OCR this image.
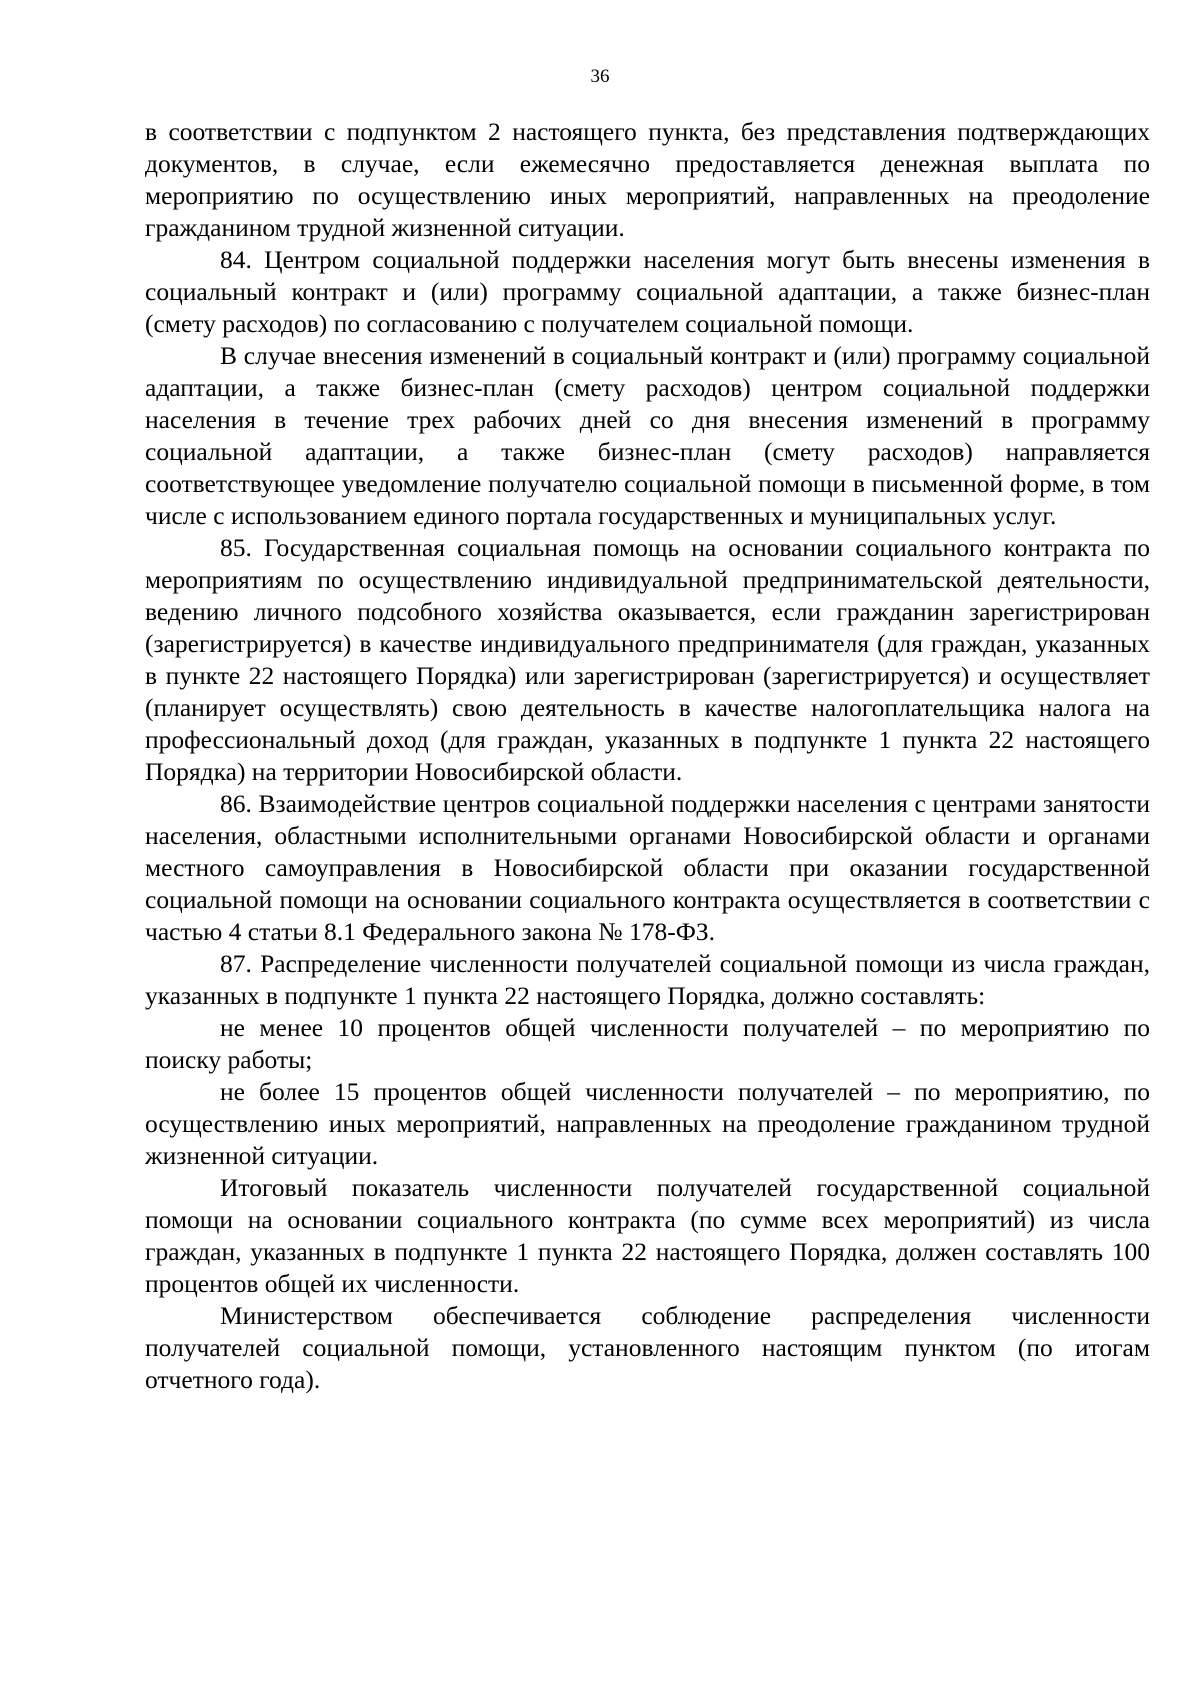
36

в соответствии с подпунктом 2 настоящего пункта, без представления подтверждающих документов, в случае, если ежемесячно предоставляется денежная выплата по мероприятию по осуществлению иных мероприятий, направленных на преодоление гражданином трудной жизненной ситуации.

84. Центром социальной поддержки населения могут быть внесены изменения в социальный контракт и (или) программу социальной адаптации, а также бизнес-план (смету расходов) по согласованию с получателем социальной помощи.

В случае внесения изменений в социальный контракт и (или) программу социальной адаптации, а также бизнес-план (смету расходов) центром социальной поддержки населения в течение трех рабочих дней со дня внесения изменений в программу социальной адаптации, а также бизнес-план (смету расходов) направляется соответствующее уведомление получателю социальной помощи в письменной форме, в том числе с использованием единого портала государственных и муниципальных услуг.

85. Государственная социальная помощь на основании социального контракта по мероприятиям по осуществлению индивидуальной предпринимательской деятельности, ведению личного подсобного хозяйства оказывается, если гражданин зарегистрирован (зарегистрируется) в качестве индивидуального предпринимателя (для граждан, указанных в пункте 22 настоящего Порядка) или зарегистрирован (зарегистрируется) и осуществляет (планирует осуществлять) свою деятельность в качестве налогоплательщика налога на профессиональный доход (для граждан, указанных в подпункте 1 пункта 22 настоящего Порядка) на территории Новосибирской области.

86. Взаимодействие центров социальной поддержки населения с центрами занятости населения, областными исполнительными органами Новосибирской области и органами местного самоуправления в Новосибирской области при оказании государственной социальной помощи на основании социального контракта осуществляется в соответствии с частью 4 статьи 8.1 Федерального закона № 178-ФЗ.

87. Распределение численности получателей социальной помощи из числа граждан, указанных в подпункте 1 пункта 22 настоящего Порядка, должно составлять:

не менее 10 процентов общей численности получателей – по мероприятию по поиску работы;

не более 15 процентов общей численности получателей – по мероприятию, по осуществлению иных мероприятий, направленных на преодоление гражданином трудной жизненной ситуации.

Итоговый показатель численности получателей государственной социальной помощи на основании социального контракта (по сумме всех мероприятий) из числа граждан, указанных в подпункте 1 пункта 22 настоящего Порядка, должен составлять 100 процентов общей их численности.

Министерством обеспечивается соблюдение распределения численности получателей социальной помощи, установленного настоящим пунктом (по итогам отчетного года).
